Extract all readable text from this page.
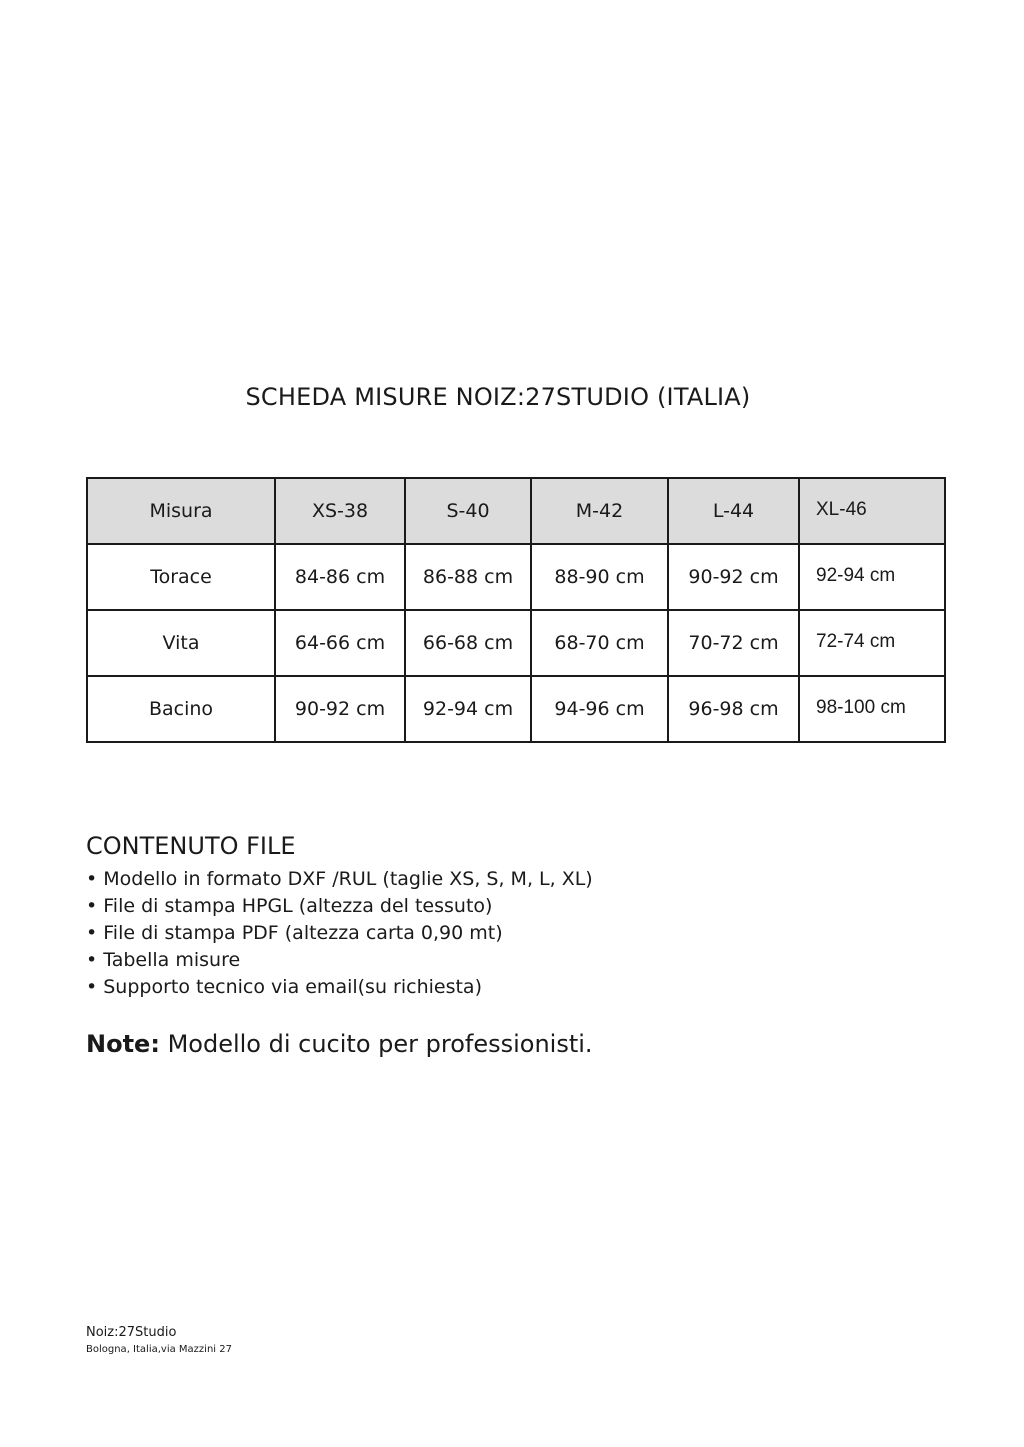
SCHEDA MISURE NOIZ:27STUDIO (ITALIA)
Misura	XS-38	S-40	M-42	L-44	XL-46
Torace	84-86 cm	86-88 cm	88-90 cm	90-92 cm	92-94 cm
Vita	64-66 cm	66-68 cm	68-70 cm	70-72 cm	72-74 cm
Bacino	90-92 cm	92-94 cm	94-96 cm	96-98 cm	98-100 cm
CONTENUTO FILE
• Modello in formato DXF /RUL (taglie XS, S, M, L, XL)
• File di stampa HPGL (altezza del tessuto)
• File di stampa PDF (altezza carta 0,90 mt)
• Tabella misure
• Supporto tecnico via email(su richiesta)
Note: Modello di cucito per professionisti.
Noiz:27Studio
Bologna, Italia,via Mazzini 27
